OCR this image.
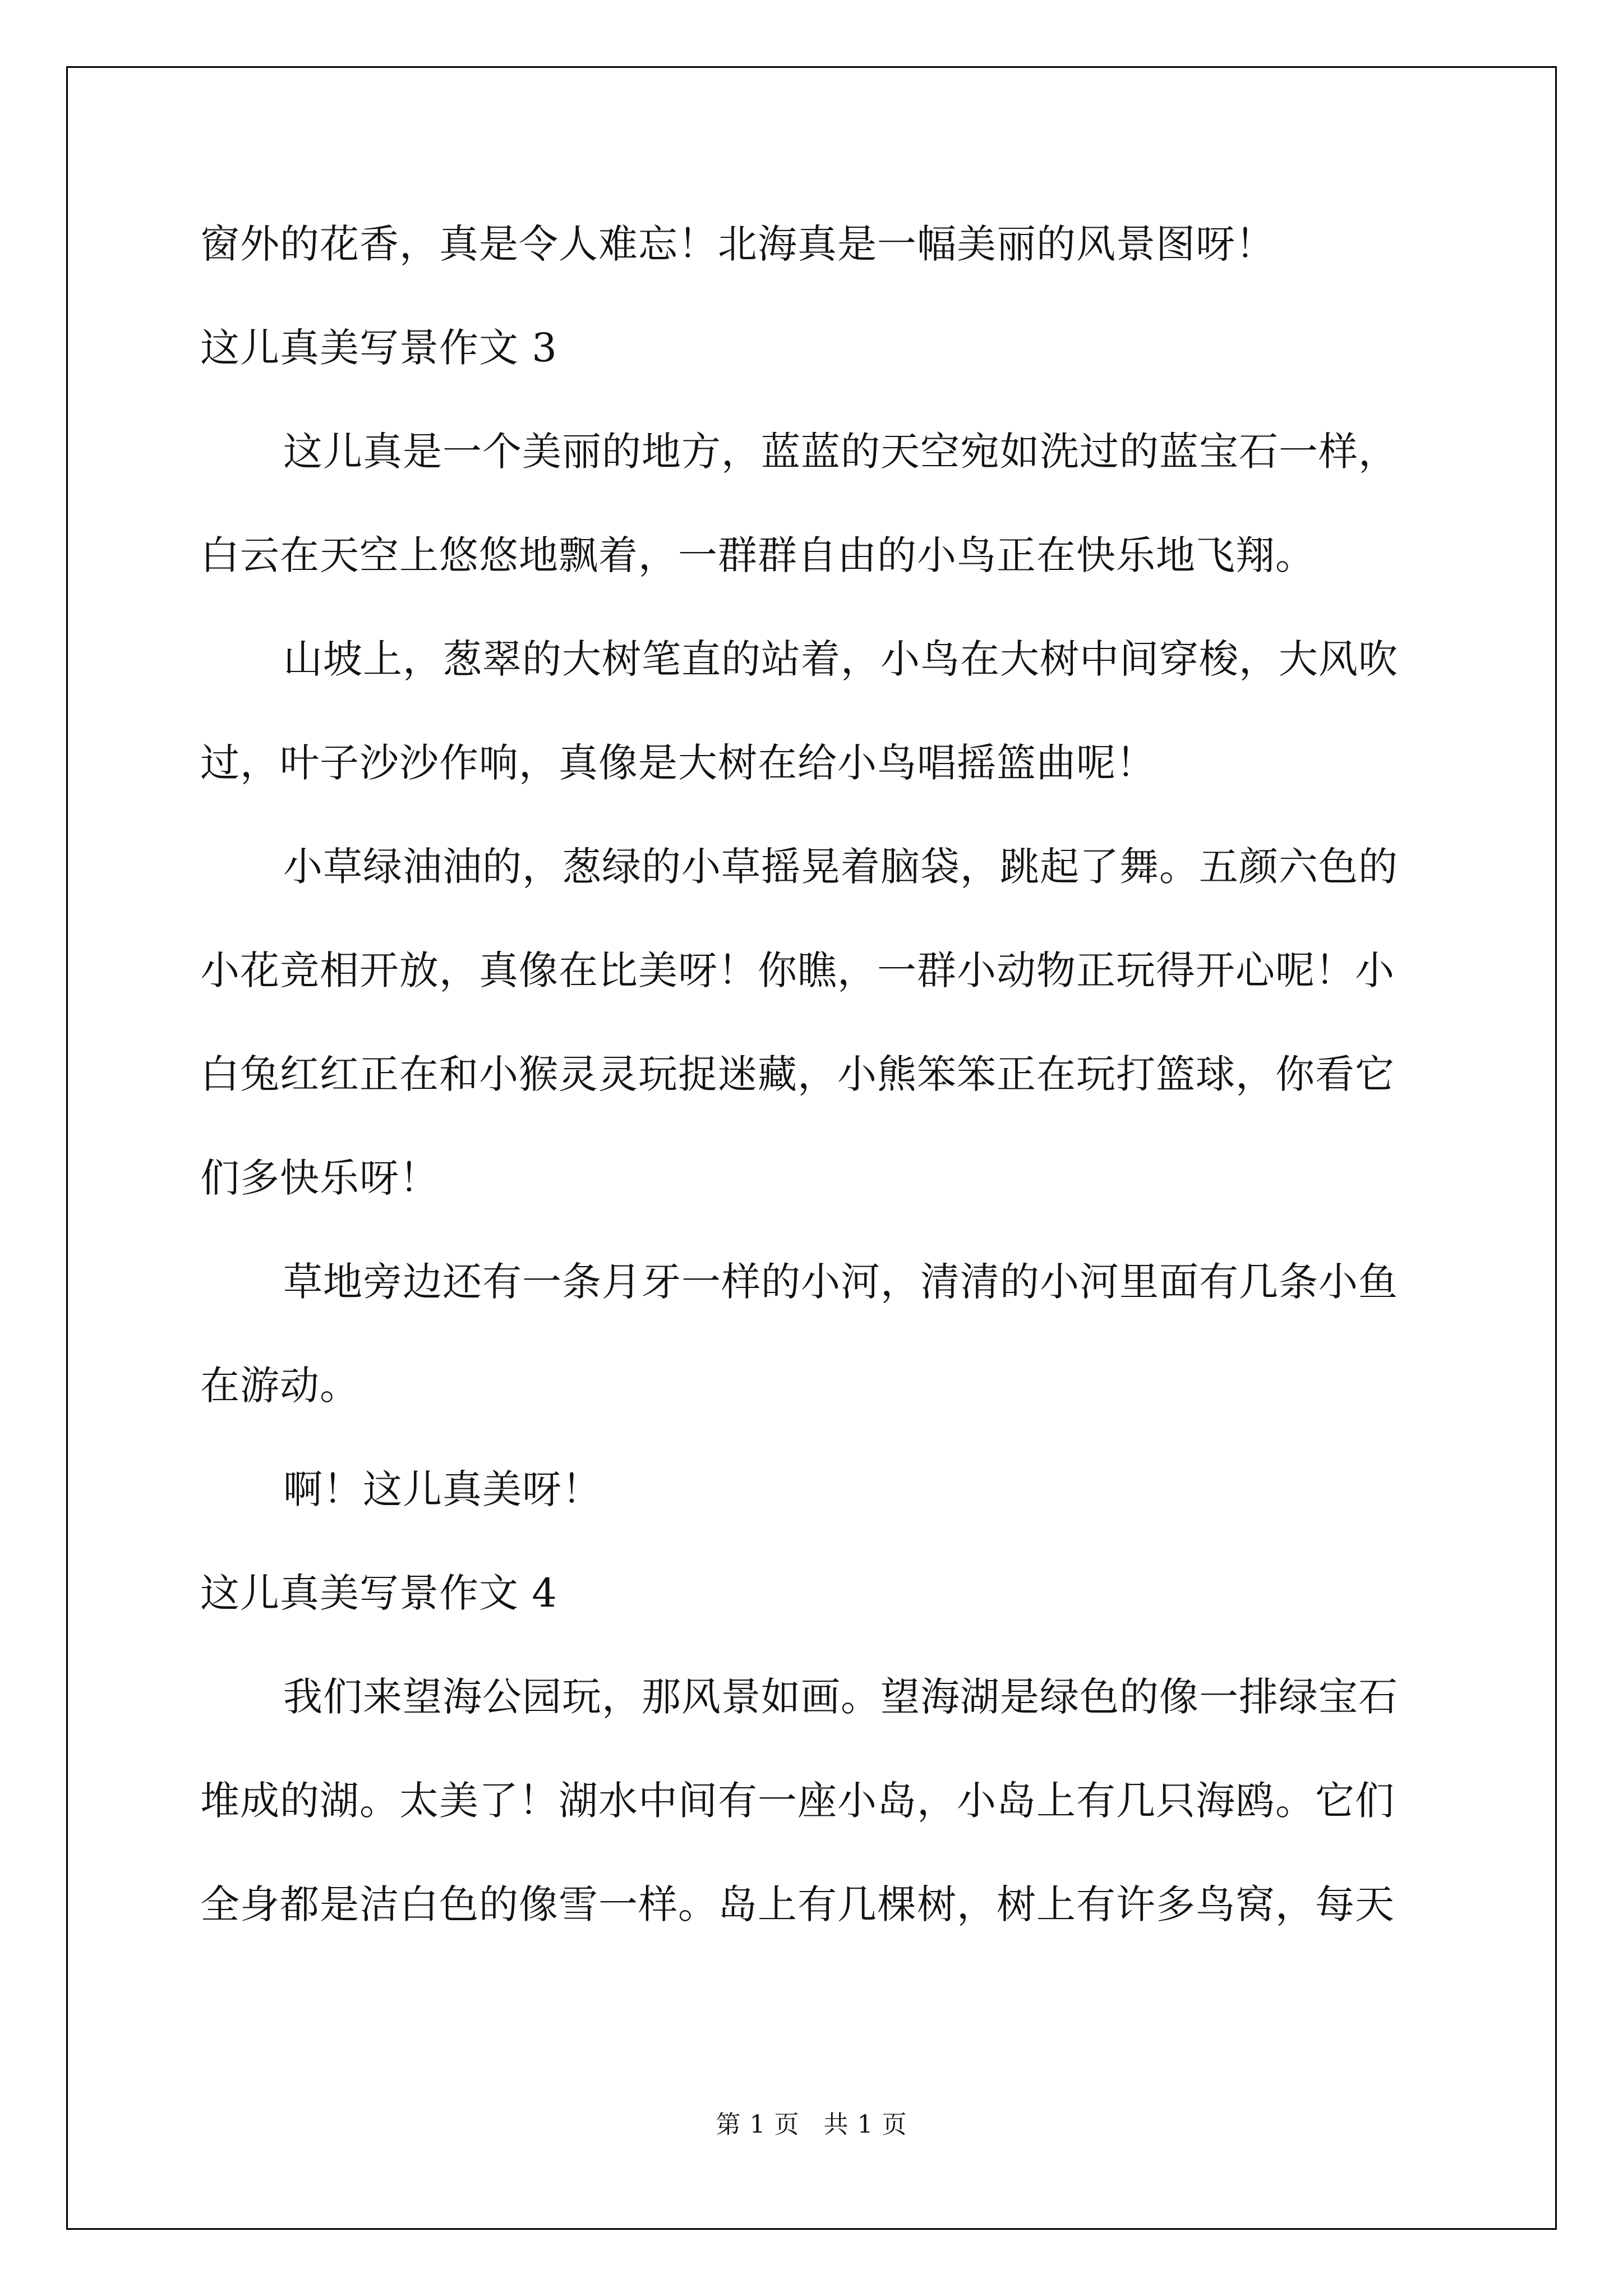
窗外的花香，真是令人难忘！北海真是一幅美丽的风景图呀！
这儿真美写景作文 3
这儿真是一个美丽的地方，蓝蓝的天空宛如洗过的蓝宝石一样，
白云在天空上悠悠地飘着，一群群自由的小鸟正在快乐地飞翔。
山坡上，葱翠的大树笔直的站着，小鸟在大树中间穿梭，大风吹
过，叶子沙沙作响，真像是大树在给小鸟唱摇篮曲呢！
小草绿油油的，葱绿的小草摇晃着脑袋，跳起了舞。五颜六色的
小花竞相开放，真像在比美呀！你瞧，一群小动物正玩得开心呢！小
白兔红红正在和小猴灵灵玩捉迷藏，小熊笨笨正在玩打篮球，你看它
们多快乐呀！
草地旁边还有一条月牙一样的小河，清清的小河里面有几条小鱼
在游动。
啊！这儿真美呀！
这儿真美写景作文 4
我们来望海公园玩，那风景如画。望海湖是绿色的像一排绿宝石
堆成的湖。太美了！湖水中间有一座小岛，小岛上有几只海鸥。它们
全身都是洁白色的像雪一样。岛上有几棵树，树上有许多鸟窝，每天
第 1 页 共 1 页
